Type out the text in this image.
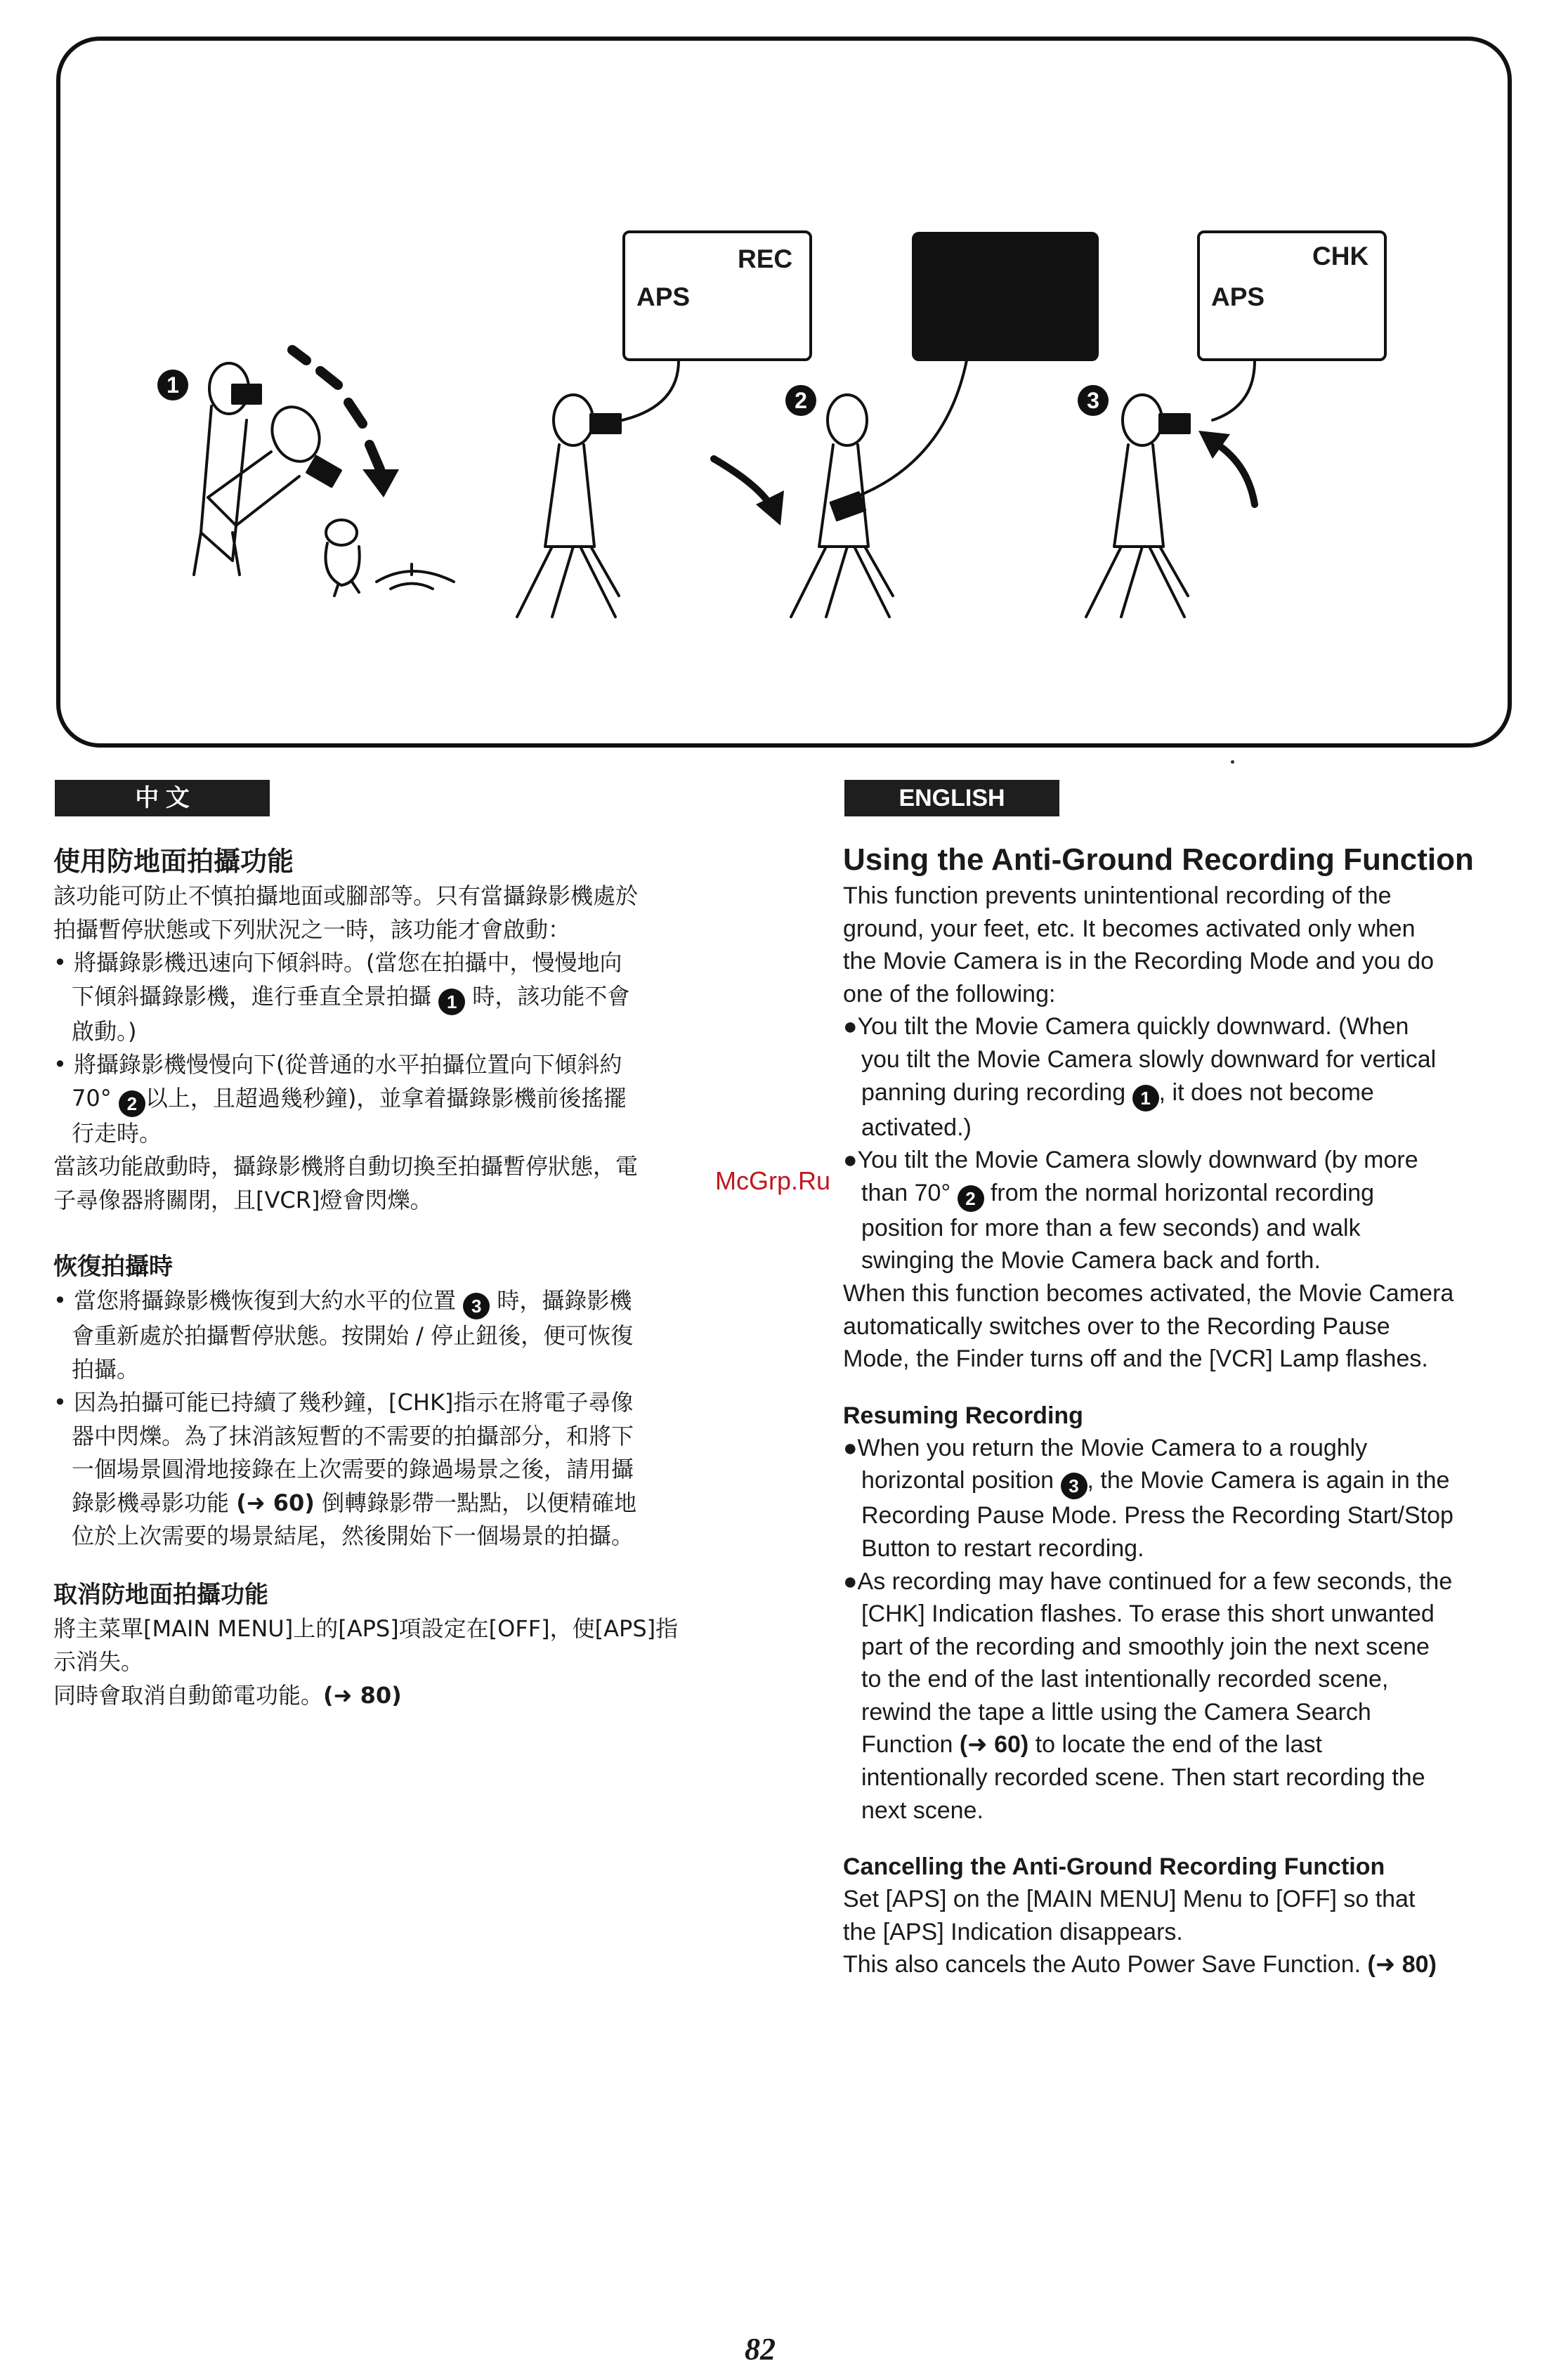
REC
APS
CHK
APS
1
2	3
中 文	ENGLISH

使用防地面拍攝功能

該功能可防止不慎拍攝地面或腳部等。只有當攝錄影機處於

拍攝暫停狀態或下列狀況之一時，該功能才會啟動：

• 將攝錄影機迅速向下傾斜時。(當您在拍攝中，慢慢地向

下傾斜攝錄影機，進行垂直全景拍攝 1 時，該功能不會

啟動。)

• 將攝錄影機慢慢向下(從普通的水平拍攝位置向下傾斜約

70° 2 以上，且超過幾秒鐘)，並拿着攝錄影機前後搖擺

行走時。

當該功能啟動時，攝錄影機將自動切換至拍攝暫停狀態，電

子尋像器將關閉，且[VCR]燈會閃爍。

恢復拍攝時

• 當您將攝錄影機恢復到大約水平的位置 3 時，攝錄影機

會重新處於拍攝暫停狀態。按開始 / 停止鈕後，便可恢復

拍攝。

• 因為拍攝可能已持續了幾秒鐘，[CHK]指示在將電子尋像

器中閃爍。為了抹消該短暫的不需要的拍攝部分，和將下

一個場景圓滑地接錄在上次需要的錄過場景之後，請用攝

錄影機尋影功能 (➜ 60) 倒轉錄影帶一點點，以便精確地

位於上次需要的場景結尾，然後開始下一個場景的拍攝。

取消防地面拍攝功能

將主菜單[MAIN MENU]上的[APS]項設定在[OFF]，使[APS]指

示消失。

同時會取消自動節電功能。(➜ 80)

Using the Anti-Ground Recording Function

This function prevents unintentional recording of the

ground, your feet, etc. It becomes activated only when

the Movie Camera is in the Recording Mode and you do

one of the following:

●You tilt the Movie Camera quickly downward. (When

you tilt the Movie Camera slowly downward for vertical

panning during recording 1 , it does not become

activated.)

●You tilt the Movie Camera slowly downward (by more

than 70° 2 from the normal horizontal recording

position for more than a few seconds) and walk

swinging the Movie Camera back and forth.

When this function becomes activated, the Movie Camera

automatically switches over to the Recording Pause

Mode, the Finder turns off and the [VCR] Lamp flashes.

Resuming Recording

●When you return the Movie Camera to a roughly

horizontal position 3 , the Movie Camera is again in the

Recording Pause Mode. Press the Recording Start/Stop

Button to restart recording.

●As recording may have continued for a few seconds, the

[CHK] Indication flashes. To erase this short unwanted

part of the recording and smoothly join the next scene

to the end of the last intentionally recorded scene,

rewind the tape a little using the Camera Search

Function (➜ 60) to locate the end of the last

intentionally recorded scene. Then start recording the

next scene.

Cancelling the Anti-Ground Recording Function

Set [APS] on the [MAIN MENU] Menu to [OFF] so that

the [APS] Indication disappears.

This also cancels the Auto Power Save Function. (➜ 80)

McGrp.Ru
82
